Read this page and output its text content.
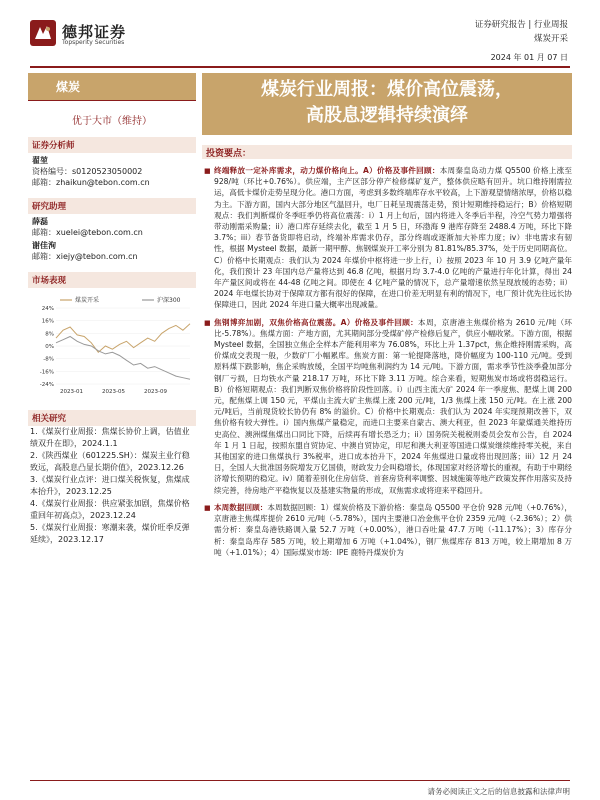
德邦证券
Topsperity Securities
证券研究报告 | 行业周报
煤炭开采
2024 年 01 月 07 日
煤炭
优于大市（维持）
证券分析师
翟堃
资格编号：s0120523050002
邮箱：zhaikun@tebon.com.cn
研究助理
薛磊
邮箱：xuelei@tebon.com.cn
谢佳洵
邮箱：xiejy@tebon.com.cn
市场表现
24%
16%
8%
0%
-8%
-16%
-24%
2023-01	2023-05	2023-09
煤炭开采	沪深300
相关研究
1.《煤炭行业周报：焦煤长协价上调，估值业绩双升在即》，2024.1.1
2.《陕西煤业（601225.SH）：煤炭主业行稳致远，高股息凸显长期价值》，2023.12.26
3.《煤炭行业点评：进口煤关税恢复，焦煤成本抬升》，2023.12.25
4.《煤炭行业周报：供应紧张加剧，焦煤价格重回年初高点》，2023.12.24
5.《煤炭行业周报：寒潮来袭，煤价旺季反弹延续》，2023.12.17
煤炭行业周报：煤价高位震荡，
高股息逻辑持续演绎
投资要点：
■ 终端释放一定补库需求，动力煤价格向上。A）价格及事件回顾：本周秦皇岛动力煤 Q5500 价格上涨至 928/吨（环比+0.76%）。供应端，主产区部分停产检修煤矿复产，整体供应略有回升。坑口维持刚需拉运，高低卡煤价走势呈现分化。港口方面，考虑到多数终端库存水平较高，上下游观望情绪浓厚，价格以稳为主。下游方面，国内大部分地区气温回升，电厂日耗呈现震荡走势，预计短期维持稳运行；B）价格短期观点：我们判断煤价冬季旺季仍将高位震荡：i）1 月上旬后，国内将进入冬季后半程，冷空气势力增强将带动刚需采购量；ii）港口库存延续去化，截至 1 月 5 日，环渤海 9 港库存降至 2488.4 万吨，环比下降 3.7%；iii）春节备货即将启动，终端补库需求仍存，部分终端或逐渐加大补库力度；iv）非电需求有韧性，根据 Mysteel 数据，最新一期甲醇、焦钢煤炭开工率分别为 81.81%/85.37%，处于历史同期高位。C）价格中长期观点：我们认为 2024 年煤价中枢将进一步上行，i）按照 2023 年 10 月 3.9 亿吨产量年化，我们预计 23 年国内总产量将达到 46.8 亿吨，根据月均 3.7-4.0 亿吨的产量进行年化计算，得出 24 年产量区间或将在 44-48 亿吨之间。即使在 4 亿吨产量的情况下，总产量增速依然呈现放缓的态势；ii）2024 年电煤长协对于保障双方都有很好的保障，在进口价差无明显有利的情况下，电厂预计优先往远长协保障进口，因此 2024 年进口量大概率出现减量。
■ 焦钢博弈加剧，双焦价格高位震荡。A）价格及事件回顾：本周，京唐港主焦煤价格为 2610 元/吨（环比-5.78%）。焦煤方面：产地方面，尤其期间部分受煤矿停产检修后复产，供应小幅收紧。下游方面，根据 Mysteel 数据，全国独立焦企全样本产能利用率为 76.08%，环比上升 1.37pct，焦企维持刚需采购，高价煤成交表现一般，少数矿厂小幅累库。焦炭方面：第一轮提降落地，降价幅度为 100-110 元/吨。受到原料煤下跌影响，焦企采购放缓，全国平均吨焦利润约为 14 元/吨。下游方面，需求季节性淡季叠加部分钢厂亏损，日均铁水产量 218.17 万吨，环比下降 3.11 万吨。综合来看，短期焦炭市场或将弱稳运行。B）价格短期观点：我们判断双焦价格将阶段性回落。i）山西主流大矿 2024 年一季度焦、肥煤上调 200 元，配焦煤上调 150 元，平煤山主流大矿主焦煤上涨 200 元/吨，1/3 焦煤上涨 150 元/吨。在上涨 200 元/吨后，当前现货较长协仍有 8% 的溢价。C）价格中长期观点：我们认为 2024 年实现预期改善下，双焦价格有较大弹性。i）国内焦煤产量稳定，而进口主要来自蒙古、澳大利亚，但 2023 年蒙煤通关维持历史高位、澳洲煤焦煤出口同比下降，后续再有增长恐乏力；ii）国务院关税税则委员会发布公告，自 2024 年 1 月 1 日起，按照东盟自贸协定、中澳自贸协定，印尼和澳大利亚等国进口煤炭继续维持零关税，来自其他国家的进口焦煤执行 3%税率，进口成本抬升下，2024 年焦煤进口量或将出现回落；iii）12 月 24 日，全国人大批准国务院增发万亿国债，财政发力会叫稳增长，体现国家对经济增长的重视，有助于中期经济增长预期的稳定。iv）随着差别化住房信贷、首套房贷利率调整、因城施策等地产政策发挥作用落实及持续完善，待房地产平稳恢复以及基建实物量的形成，双焦需求或将迎来平稳回升。
■ 本周数据回顾：本周数据回顾：1）煤炭价格及下游价格：秦皇岛 Q5500 平仓价 928 元/吨（+0.76%），京唐港主焦煤库提价 2610 元/吨（-5.78%），国内主要港口冶金焦平仓价 2359 元/吨（-2.36%）；2）供需分析：秦皇岛港铁路调入量 52.7 万吨（+0.00%），港口吞吐量 47.7 万吨（-11.17%）；3）库存分析：秦皇岛库存 585 万吨，较上期增加 6 万吨（+1.04%），钢厂焦煤库存 813 万吨，较上期增加 8 万吨（+1.01%）；4）国际煤炭市场：IPE 鹿特丹煤炭价为
请务必阅读正文之后的信息披露和法律声明
